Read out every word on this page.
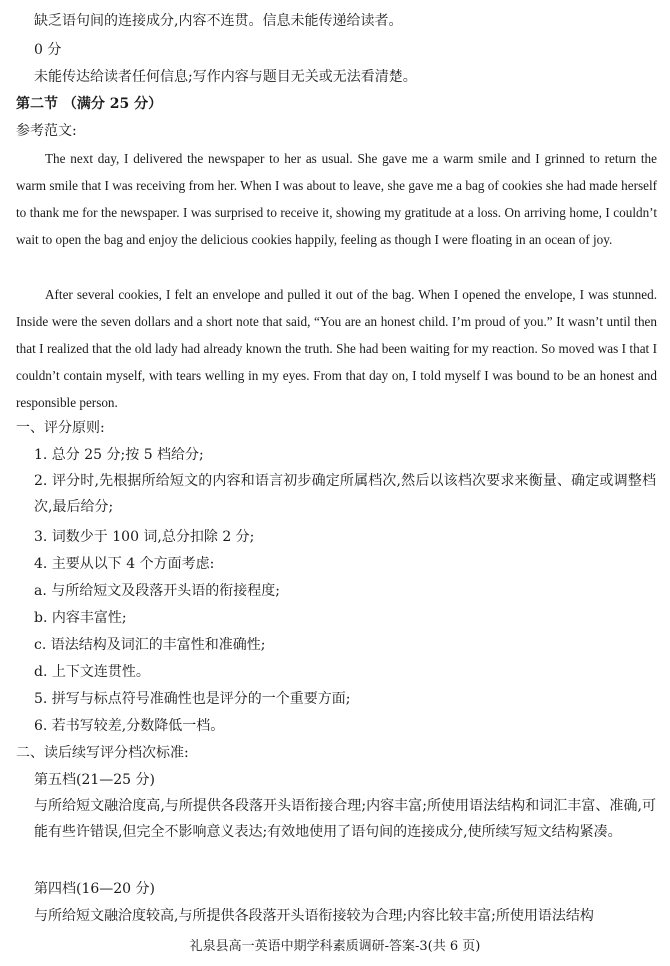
缺乏语句间的连接成分,内容不连贯。信息未能传递给读者。
0 分
未能传达给读者任何信息;写作内容与题目无关或无法看清楚。
第二节 （满分 25 分）
参考范文:

The next day, I delivered the newspaper to her as usual. She gave me a warm smile and I grinned to return the warm smile that I was receiving from her. When I was about to leave, she gave me a bag of cookies she had made herself to thank me for the newspaper. I was surprised to receive it, showing my gratitude at a loss. On arriving home, I couldn’t wait to open the bag and enjoy the delicious cookies happily, feeling as though I were floating in an ocean of joy.

After several cookies, I felt an envelope and pulled it out of the bag. When I opened the envelope, I was stunned. Inside were the seven dollars and a short note that said, “You are an honest child. I’m proud of you.” It wasn’t until then that I realized that the old lady had already known the truth. She had been waiting for my reaction. So moved was I that I couldn’t contain myself, with tears welling in my eyes. From that day on, I told myself I was bound to be an honest and responsible person.

一、评分原则:
1. 总分 25 分;按 5 档给分;

2. 评分时,先根据所给短文的内容和语言初步确定所属档次,然后以该档次要求来衡量、确定或调整档次,最后给分;

3. 词数少于 100 词,总分扣除 2 分;
4. 主要从以下 4 个方面考虑:
a. 与所给短文及段落开头语的衔接程度;
b. 内容丰富性;
c. 语法结构及词汇的丰富性和准确性;
d. 上下文连贯性。
5. 拼写与标点符号准确性也是评分的一个重要方面;
6. 若书写较差,分数降低一档。
二、读后续写评分档次标准:
第五档(21—25 分)

与所给短文融洽度高,与所提供各段落开头语衔接合理;内容丰富;所使用语法结构和词汇丰富、准确,可能有些许错误,但完全不影响意义表达;有效地使用了语句间的连接成分,使所续写短文结构紧凑。

第四档(16—20 分)
与所给短文融洽度较高,与所提供各段落开头语衔接较为合理;内容比较丰富;所使用语法结构
礼泉县高一英语中期学科素质调研-答案-3(共 6 页)
